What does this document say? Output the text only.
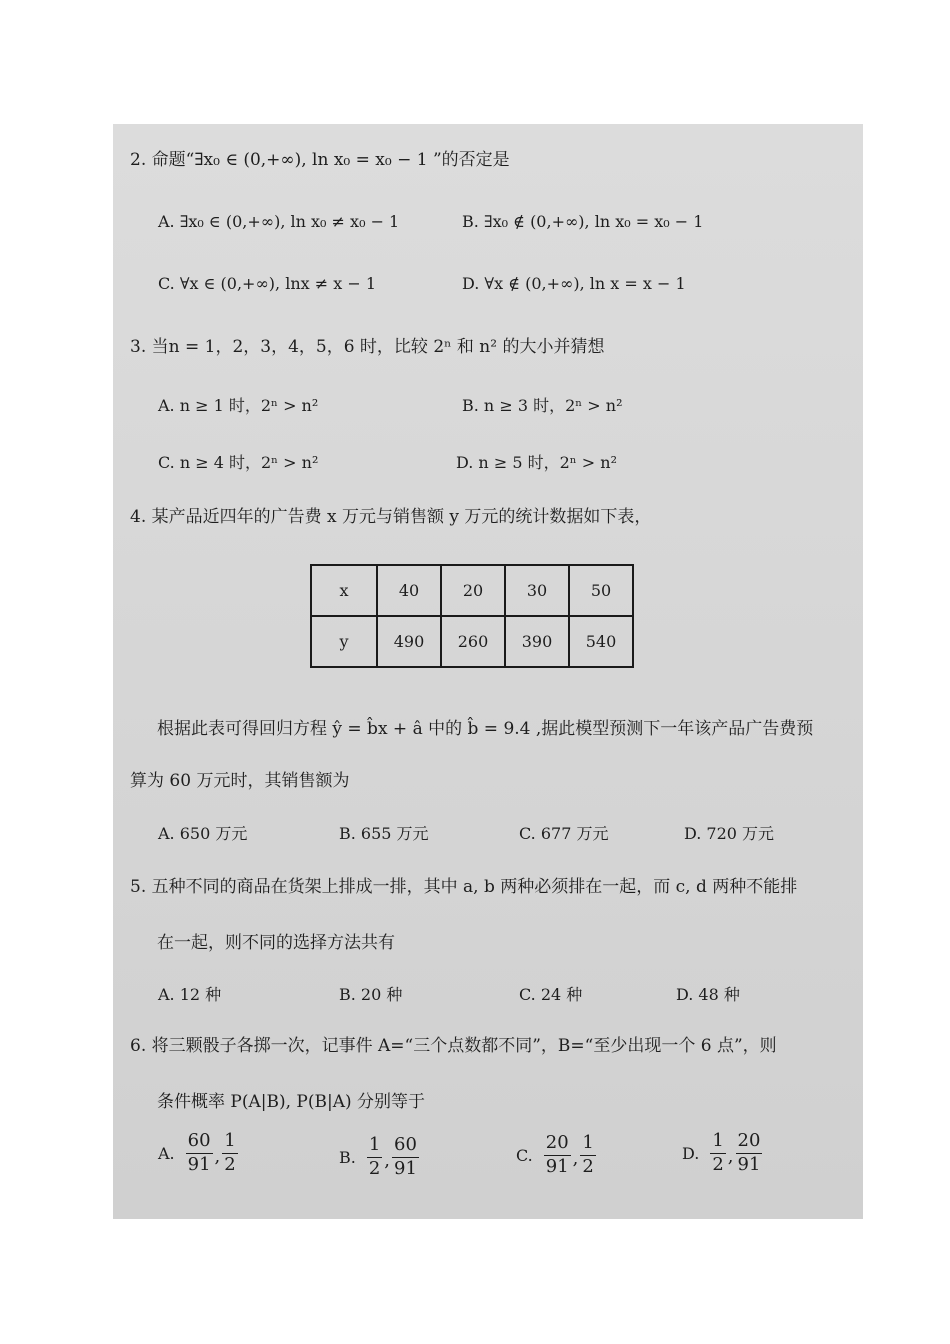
2. 命题“∃x₀ ∈ (0,+∞), ln x₀ = x₀ − 1 ”的否定是
A. ∃x₀ ∈ (0,+∞), ln x₀ ≠ x₀ − 1	B. ∃x₀ ∉ (0,+∞), ln x₀ = x₀ − 1
C. ∀x ∈ (0,+∞), lnx ≠ x − 1	D. ∀x ∉ (0,+∞), ln x = x − 1
3. 当n = 1，2，3，4，5，6 时，比较 2ⁿ 和 n² 的大小并猜想
A. n ≥ 1 时，2ⁿ > n²	B. n ≥ 3 时，2ⁿ > n²
C. n ≥ 4 时，2ⁿ > n²	D. n ≥ 5 时，2ⁿ > n²
4. 某产品近四年的广告费 x 万元与销售额 y 万元的统计数据如下表，
x	40	20	30	50
y	490	260	390	540
根据此表可得回归方程 ŷ = b̂x + â 中的 b̂ = 9.4 ,据此模型预测下一年该产品广告费预
算为 60 万元时，其销售额为
A. 650 万元	B. 655 万元	C. 677 万元	D. 720 万元
5. 五种不同的商品在货架上排成一排，其中 a, b 两种必须排在一起，而 c, d 两种不能排
在一起，则不同的选择方法共有
A. 12 种	B. 20 种	C. 24 种	D. 48 种
6. 将三颗骰子各掷一次，记事件 A=“三个点数都不同”，B=“至少出现一个 6 点”，则
条件概率 P(A|B), P(B|A) 分别等于
A. $\frac{60}{91}$ , $\frac{1}{2}$	B. $\frac{1}{2}$ , $\frac{60}{91}$	C. $\frac{20}{91}$ , $\frac{1}{2}$	D. $\frac{1}{2}$ , $\frac{20}{91}$
